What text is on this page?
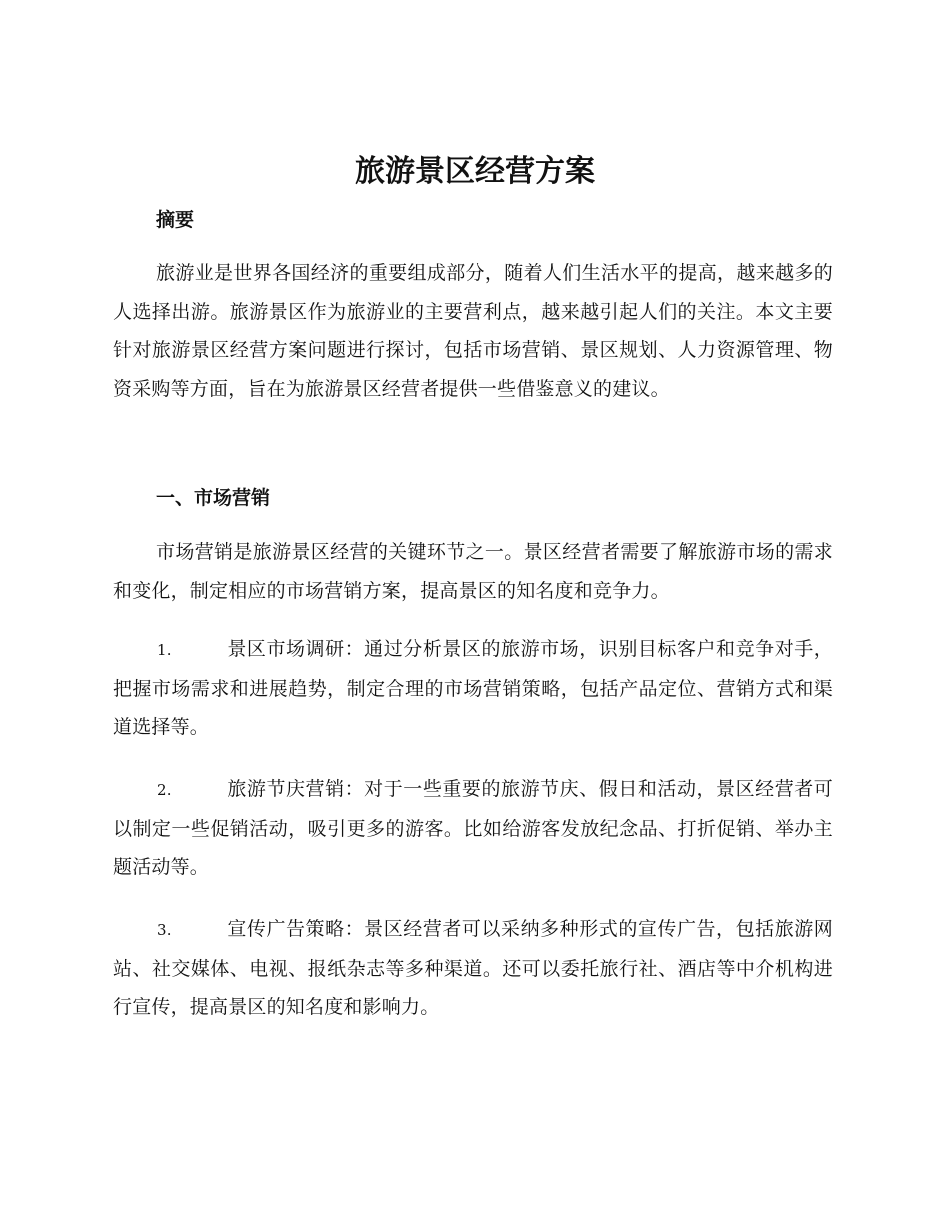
旅游景区经营方案
摘要

旅游业是世界各国经济的重要组成部分，随着人们生活水平的提高，越来越多的人选择出游。旅游景区作为旅游业的主要营利点，越来越引起人们的关注。本文主要针对旅游景区经营方案问题进行探讨，包括市场营销、景区规划、人力资源管理、物资采购等方面，旨在为旅游景区经营者提供一些借鉴意义的建议。

一、市场营销

市场营销是旅游景区经营的关键环节之一。景区经营者需要了解旅游市场的需求和变化，制定相应的市场营销方案，提高景区的知名度和竞争力。

1.	景区市场调研：通过分析景区的旅游市场，识别目标客户和竞争对手，把握市场需求和进展趋势，制定合理的市场营销策略，包括产品定位、营销方式和渠道选择等。

2.	旅游节庆营销：对于一些重要的旅游节庆、假日和活动，景区经营者可以制定一些促销活动，吸引更多的游客。比如给游客发放纪念品、打折促销、举办主题活动等。

3.	宣传广告策略：景区经营者可以采纳多种形式的宣传广告，包括旅游网站、社交媒体、电视、报纸杂志等多种渠道。还可以委托旅行社、酒店等中介机构进行宣传，提高景区的知名度和影响力。
